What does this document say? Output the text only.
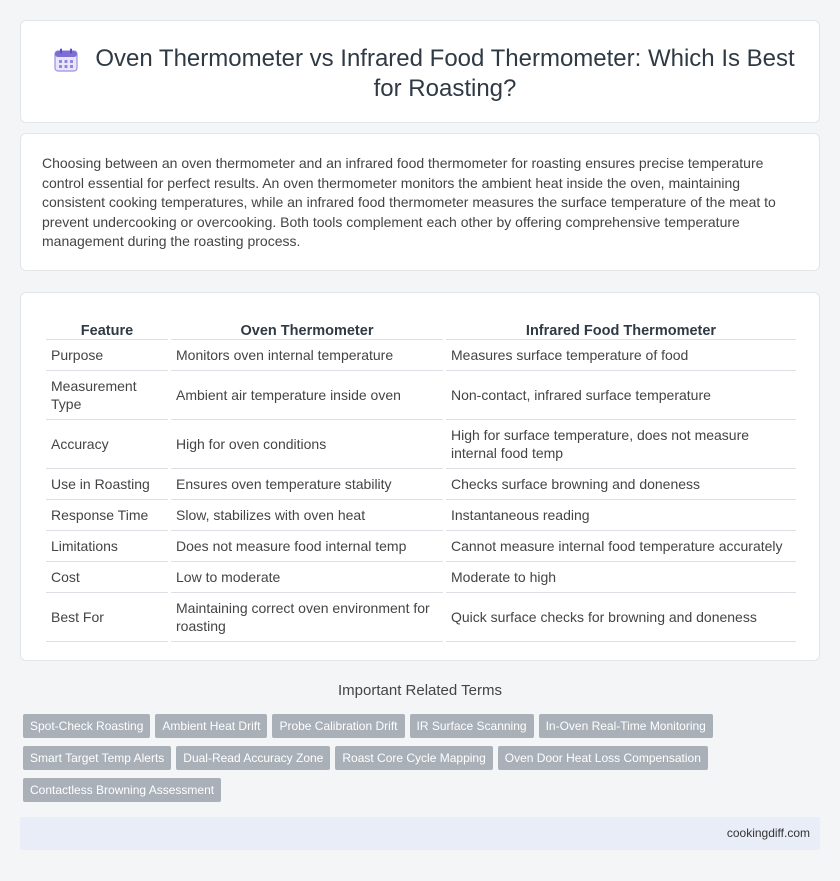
Oven Thermometer vs Infrared Food Thermometer: Which Is Best for Roasting?

Choosing between an oven thermometer and an infrared food thermometer for roasting ensures precise temperature control essential for perfect results. An oven thermometer monitors the ambient heat inside the oven, maintaining consistent cooking temperatures, while an infrared food thermometer measures the surface temperature of the meat to prevent undercooking or overcooking. Both tools complement each other by offering comprehensive temperature management during the roasting process.

Feature	Oven Thermometer	Infrared Food Thermometer
Purpose	Monitors oven internal temperature	Measures surface temperature of food
Measurement Type	Ambient air temperature inside oven	Non-contact, infrared surface temperature
Accuracy	High for oven conditions	High for surface temperature, does not measure internal food temp
Use in Roasting	Ensures oven temperature stability	Checks surface browning and doneness
Response Time	Slow, stabilizes with oven heat	Instantaneous reading
Limitations	Does not measure food internal temp	Cannot measure internal food temperature accurately
Cost	Low to moderate	Moderate to high
Best For	Maintaining correct oven environment for roasting	Quick surface checks for browning and doneness
Important Related Terms
Spot-Check Roasting	Ambient Heat Drift	Probe Calibration Drift	IR Surface Scanning	In-Oven Real-Time Monitoring
Smart Target Temp Alerts	Dual-Read Accuracy Zone	Roast Core Cycle Mapping	Oven Door Heat Loss Compensation
Contactless Browning Assessment
cookingdiff.com
